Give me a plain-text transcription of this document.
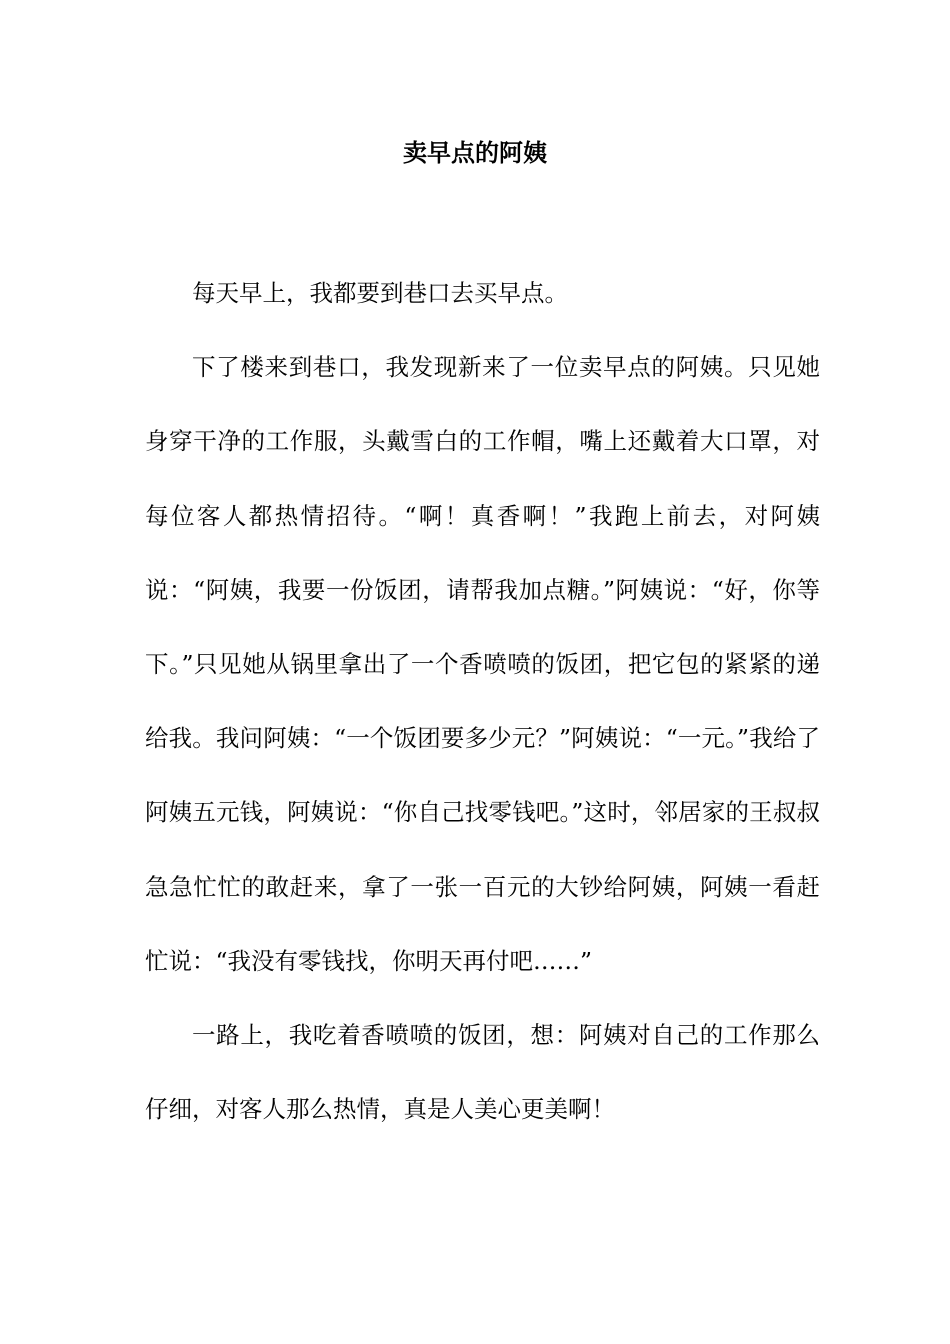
卖早点的阿姨

每天早上，我都要到巷口去买早点。

下了楼来到巷口，我发现新来了一位卖早点的阿姨。只见她身穿干净的工作服，头戴雪白的工作帽，嘴上还戴着大口罩，对每位客人都热情招待。“啊！真香啊！”我跑上前去，对阿姨说：“阿姨，我要一份饭团，请帮我加点糖。”阿姨说：“好，你等下。”只见她从锅里拿出了一个香喷喷的饭团，把它包的紧紧的递给我。我问阿姨：“一个饭团要多少元？”阿姨说：“一元。”我给了阿姨五元钱，阿姨说：“你自己找零钱吧。”这时，邻居家的王叔叔急急忙忙的敢赶来，拿了一张一百元的大钞给阿姨，阿姨一看赶忙说：“我没有零钱找，你明天再付吧……”

一路上，我吃着香喷喷的饭团，想：阿姨对自己的工作那么仔细，对客人那么热情，真是人美心更美啊！
